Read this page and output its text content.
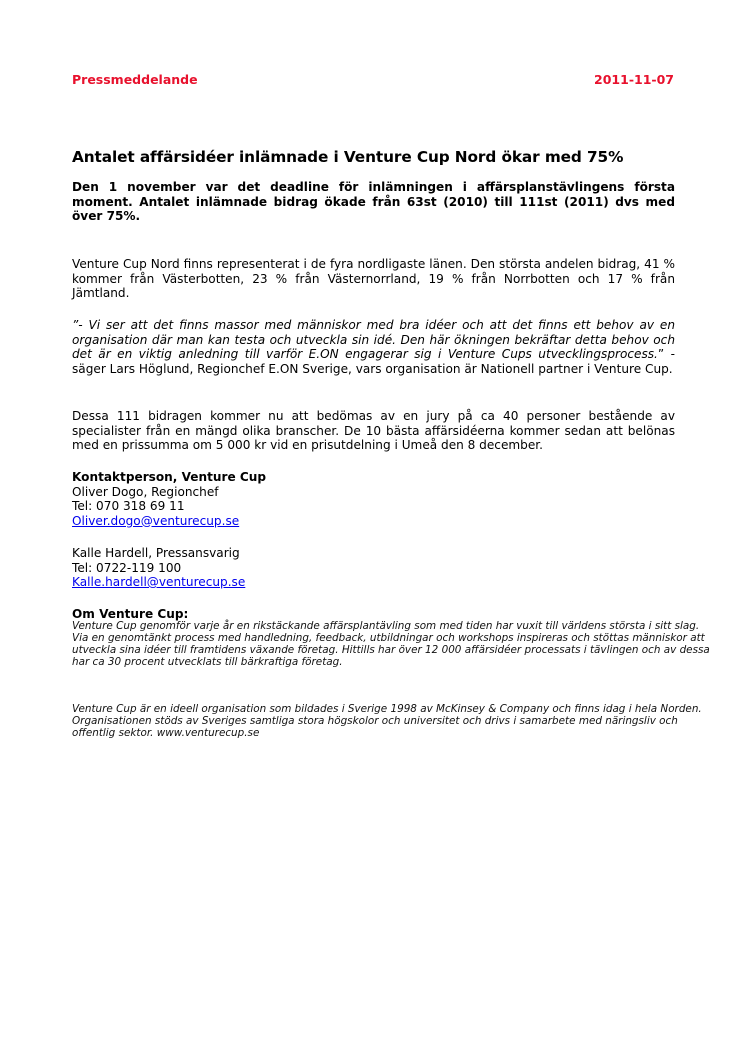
Pressmeddelande	2011-11-07
Antalet affärsidéer inlämnade i Venture Cup Nord ökar med 75%

Den 1 november var det deadline för inlämningen i affärsplanstävlingens första moment. Antalet inlämnade bidrag ökade från 63st (2010) till 111st (2011) dvs med över 75%.

Venture Cup Nord finns representerat i de fyra nordligaste länen. Den största andelen bidrag, 41 % kommer från Västerbotten, 23 % från Västernorrland, 19 % från Norrbotten och 17 % från Jämtland.

”- Vi ser att det finns massor med människor med bra idéer och att det finns ett behov av en organisation där man kan testa och utveckla sin idé. Den här ökningen bekräftar detta behov och det är en viktig anledning till varför E.ON engagerar sig i Venture Cups utvecklingsprocess.” - säger Lars Höglund, Regionchef E.ON Sverige, vars organisation är Nationell partner i Venture Cup.

Dessa 111 bidragen kommer nu att bedömas av en jury på ca 40 personer bestående av specialister från en mängd olika branscher. De 10 bästa affärsidéerna kommer sedan att belönas med en prissumma om 5 000 kr vid en prisutdelning i Umeå den 8 december.

Kontaktperson, Venture Cup
Oliver Dogo, Regionchef
Tel: 070 318 69 11
Oliver.dogo@venturecup.se
Kalle Hardell, Pressansvarig
Tel: 0722-119 100
Kalle.hardell@venturecup.se

Om Venture Cup:

Venture Cup genomför varje år en rikstäckande affärsplantävling som med tiden har vuxit till världens största i sitt slag. Via en genomtänkt process med handledning, feedback, utbildningar och workshops inspireras och stöttas människor att utveckla sina idéer till framtidens växande företag. Hittills har över 12 000 affärsidéer processats i tävlingen och av dessa har ca 30 procent utvecklats till bärkraftiga företag.

Venture Cup är en ideell organisation som bildades i Sverige 1998 av McKinsey & Company och finns idag i hela Norden. Organisationen stöds av Sveriges samtliga stora högskolor och universitet och drivs i samarbete med näringsliv och offentlig sektor. www.venturecup.se
